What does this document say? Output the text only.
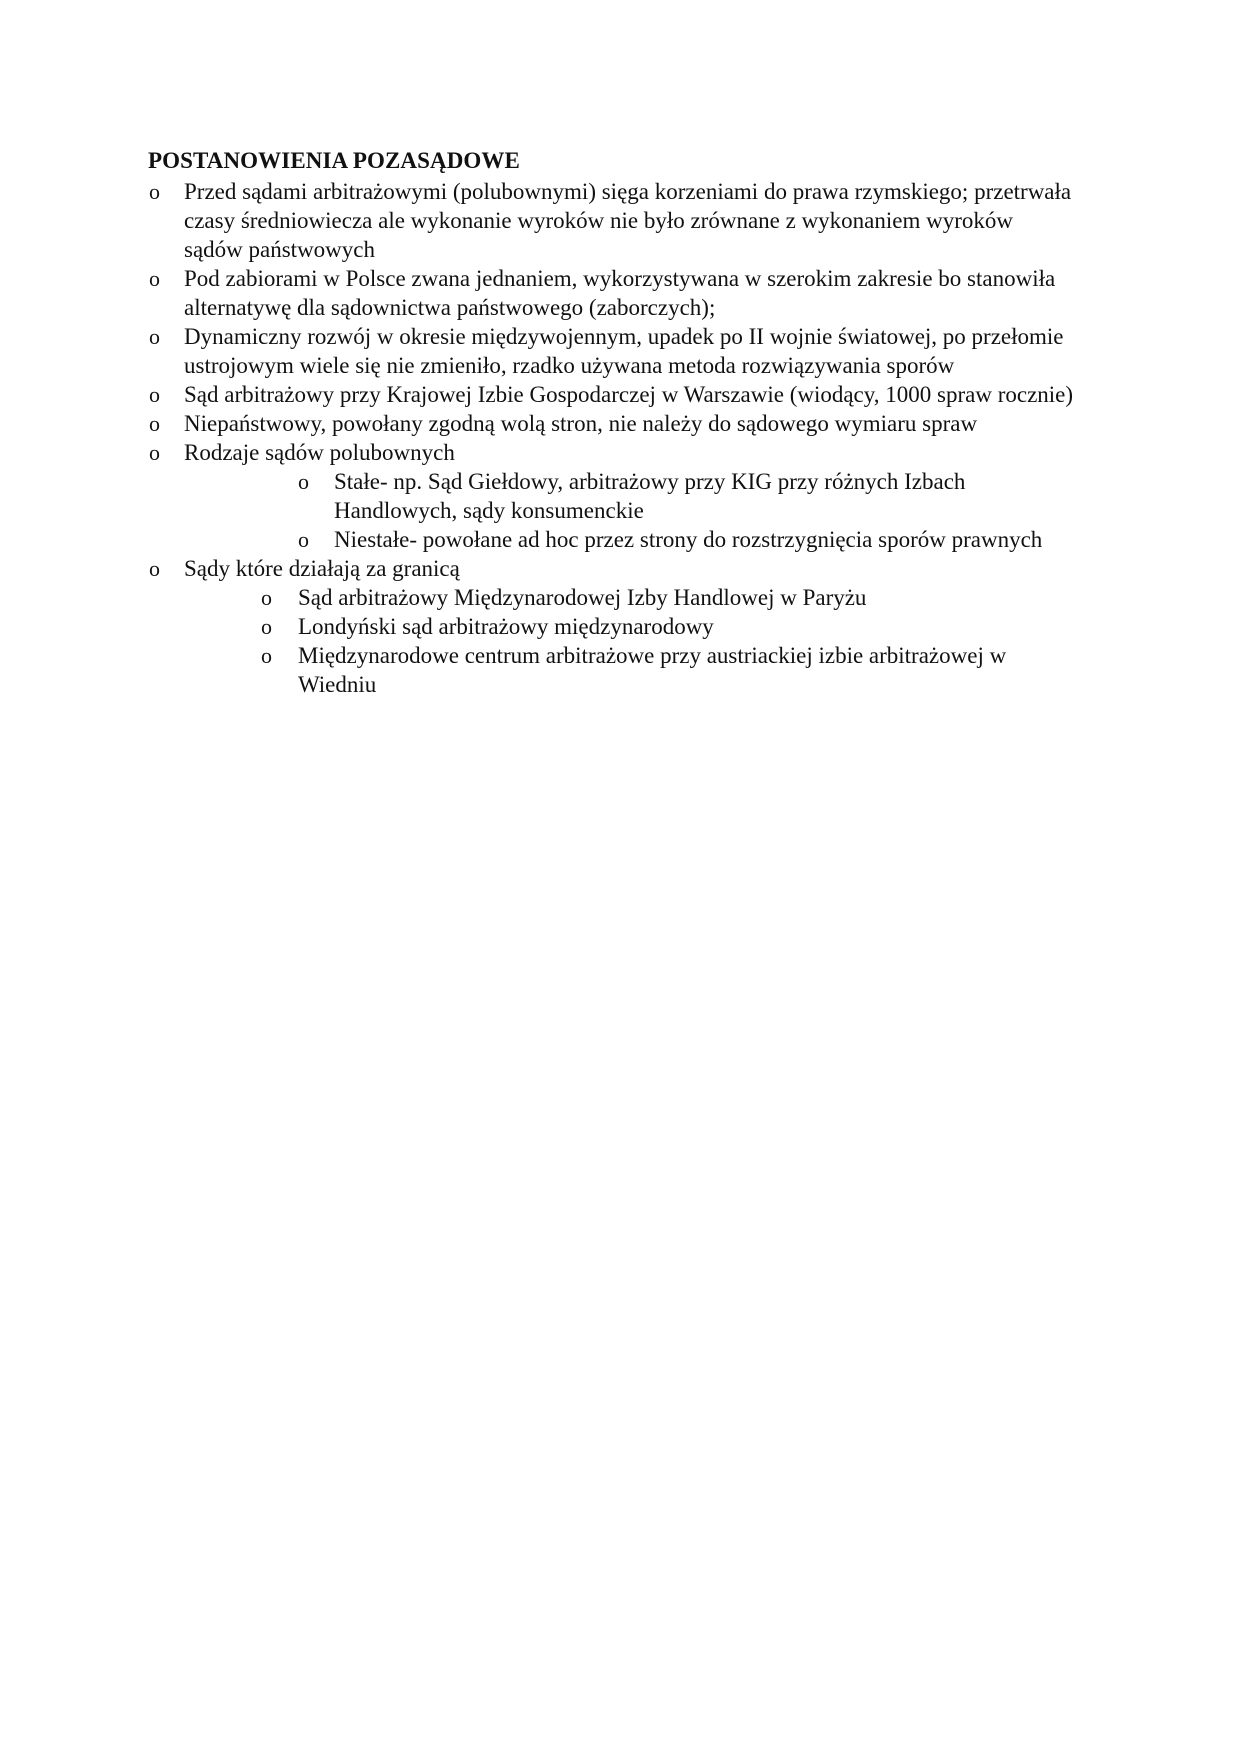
POSTANOWIENIA POZASĄDOWE
o Przed sądami arbitrażowymi (polubownymi) sięga korzeniami do prawa rzymskiego; przetrwała czasy średniowiecza ale wykonanie wyroków nie było zrównane z wykonaniem wyroków sądów państwowych
o Pod zabiorami w Polsce zwana jednaniem, wykorzystywana w szerokim zakresie bo stanowiła alternatywę dla sądownictwa państwowego (zaborczych);
o Dynamiczny rozwój w okresie międzywojennym, upadek po II wojnie światowej, po przełomie ustrojowym wiele się nie zmieniło, rzadko używana metoda rozwiązywania sporów
o Sąd arbitrażowy przy Krajowej Izbie Gospodarczej w Warszawie (wiodący, 1000 spraw rocznie)
o Niepaństwowy, powołany zgodną wolą stron, nie należy do sądowego wymiaru spraw
o Rodzaje sądów polubownych
o Stałe- np. Sąd Giełdowy, arbitrażowy przy KIG przy różnych Izbach Handlowych, sądy konsumenckie
o Niestałe- powołane ad hoc przez strony do rozstrzygnięcia sporów prawnych
o Sądy które działają za granicą
o Sąd arbitrażowy Międzynarodowej Izby Handlowej w Paryżu
o Londyński sąd arbitrażowy międzynarodowy
o Międzynarodowe centrum arbitrażowe przy austriackiej izbie arbitrażowej w Wiedniu
